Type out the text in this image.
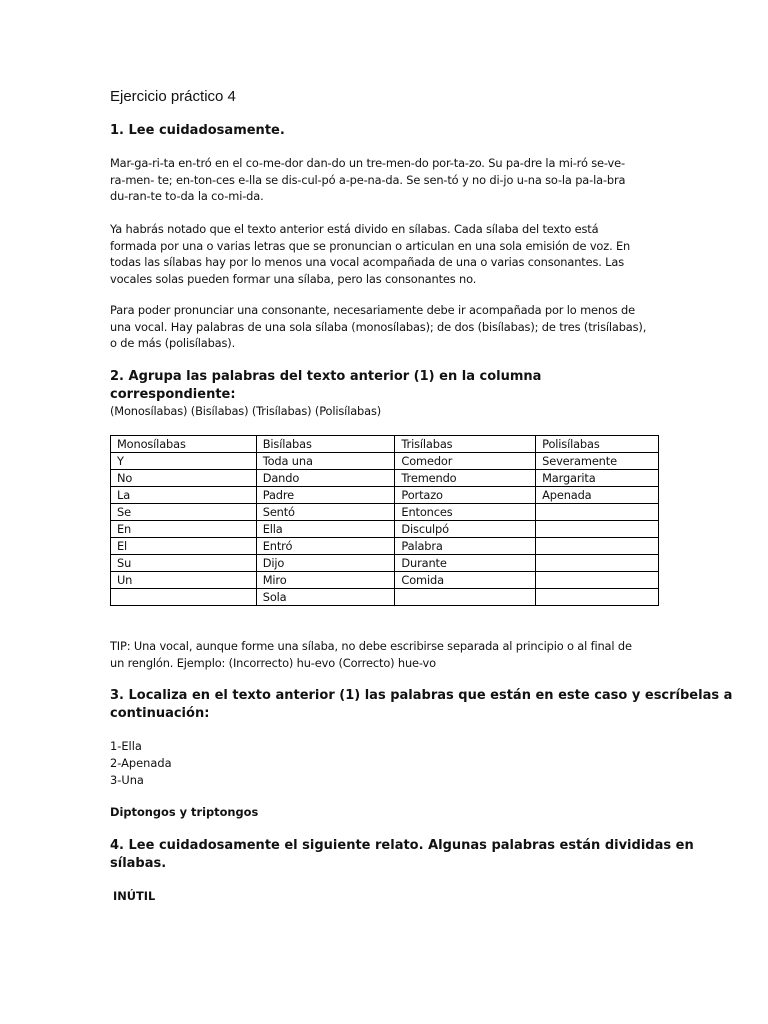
Ejercicio práctico 4
1. Lee cuidadosamente.

Mar-ga-ri-ta en-tró en el co-me-dor dan-do un tre-men-do por-ta-zo. Su pa-dre la mi-ró se-ve-
ra-men- te; en-ton-ces e-lla se dis-cul-pó a-pe-na-da. Se sen-tó y no di-jo u-na so-la pa-la-bra
du-ran-te to-da la co-mi-da.

Ya habrás notado que el texto anterior está divido en sílabas. Cada sílaba del texto está
formada por una o varias letras que se pronuncian o articulan en una sola emisión de voz. En
todas las sílabas hay por lo menos una vocal acompañada de una o varias consonantes. Las
vocales solas pueden formar una sílaba, pero las consonantes no.

Para poder pronunciar una consonante, necesariamente debe ir acompañada por lo menos de
una vocal. Hay palabras de una sola sílaba (monosílabas); de dos (bisílabas); de tres (trisílabas),
o de más (polisílabas).

2. Agrupa las palabras del texto anterior (1) en la columna correspondiente:

(Monosílabas) (Bisílabas) (Trisílabas) (Polisílabas)

Monosílabas	Bisílabas	Trisílabas	Polisílabas
Y	Toda una	Comedor	Severamente
No	Dando	Tremendo	Margarita
La	Padre	Portazo	Apenada
Se	Sentó	Entonces	
En	Ella	Disculpó	
El	Entró	Palabra	
Su	Dijo	Durante	
Un	Miro	Comida	
	Sola		

TIP: Una vocal, aunque forme una sílaba, no debe escribirse separada al principio o al final de
un renglón. Ejemplo: (Incorrecto) hu-evo (Correcto) hue-vo

3. Localiza en el texto anterior (1) las palabras que están en este caso y escríbelas a
continuación:
1-Ella
2-Apenada
3-Una

Diptongos y triptongos

4. Lee cuidadosamente el siguiente relato. Algunas palabras están divididas en
sílabas.

INÚTIL
